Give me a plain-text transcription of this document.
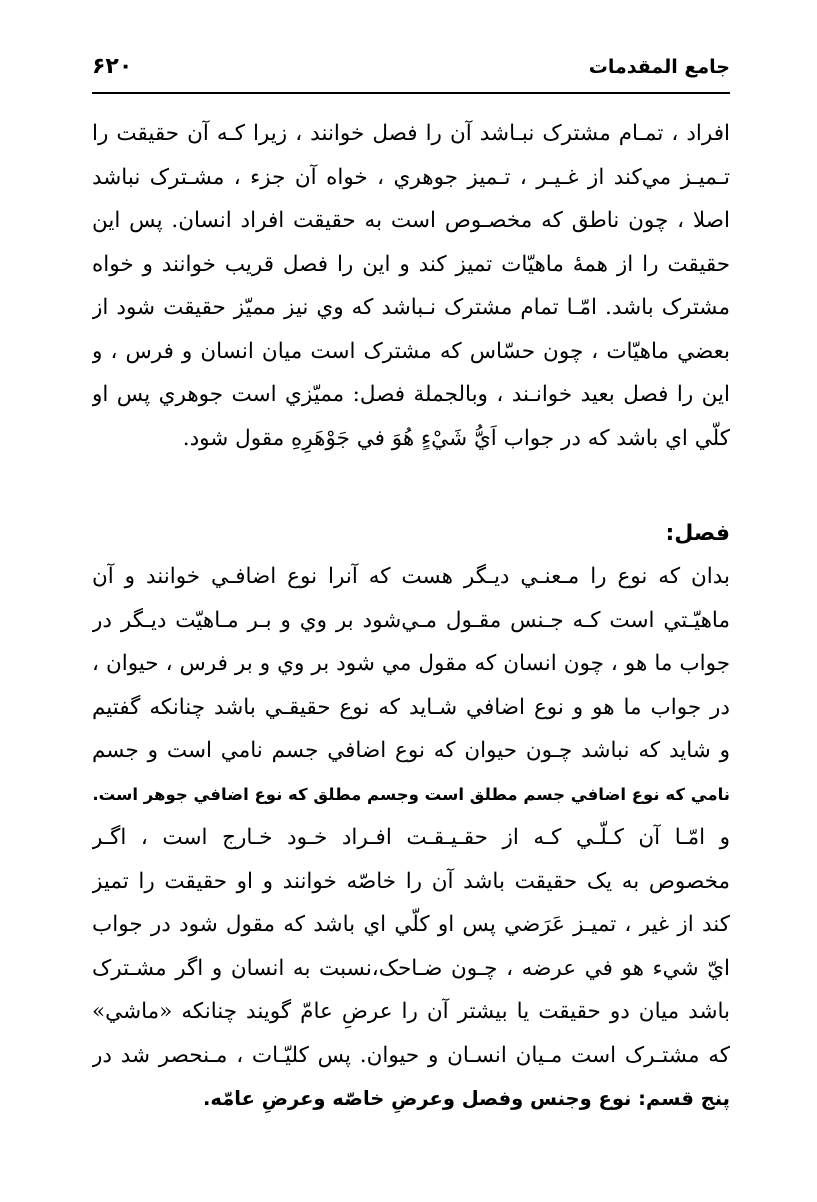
۶۲۰	جامع المقدمات
افراد ، تمـام مشترک نبـاشد آن را فصل خوانند ، زيرا کـه آن حقيقت را
تـميـز مي‌کند از غـيـر ، تـميز جوهري ، خواه آن جزء ، مشـترک نباشد
اصلا ، چون ناطق که مخصـوص است به حقيقت افراد انسان. پس اين
حقيقت را از همهٔ ماهيّات تميز کند و اين را فصل قريب خوانند و خواه
مشترک باشد. امّـا تمام مشترک نـباشد که وي نيز مميّز حقيقت شود از
بعضي ماهيّات ، چون حسّاس که مشترک است ميان انسان و فرس ، و
اين را فصل بعيد خوانـند ، وبالجملة فصل: مميّزي است جوهري پس او
کلّي اي باشد که در جواب اَيُّ شَيْءٍ هُوَ في جَوْهَرِهِ مقول شود.
فصل:
بدان که نوع را مـعنـي ديـگر هست که آنرا نوع اضافـي خوانند و آن
ماهيّـتي است کـه جـنس مقـول مـي‌شود بر وي و بـر مـاهيّت ديـگر در
جواب ما هو ، چون انسان که مقول مي شود بر وي و بر فرس ، حيوان ،
در جواب ما هو و نوع اضافي شـايد که نوع حقيقـي باشد چنانکه گفتيم
و شايد که نباشد چـون حيوان که نوع اضافي جسم نامي است و جسم
نامي که نوع اضافي جسم مطلق است وجسم مطلق که نوع اضافي جوهر است.
و امّـا آن کـلّـي کـه از حقـيـقـت افـراد خـود خـارج است ، اگـر
مخصوص به يک حقيقت باشد آن را خاصّه خوانند و او حقيقت را تميز
کند از غير ، تميـز عَرَضي پس او کلّي اي باشد که مقول شود در جواب
ايّ شيء هو في عرضه ، چـون ضـاحک،نسبت به انسان و اگر مشـترک
باشد ميان دو حقيقت يا بيشتر آن را عرضِ عامّ گويند چنانکه «ماشي»
که مشتـرک است مـيان انسـان و حيوان. پس کليّـات ، مـنحصر شد در
پنج قسم: نوع وجنس وفصل وعرضِ خاصّه وعرضِ عامّه.
